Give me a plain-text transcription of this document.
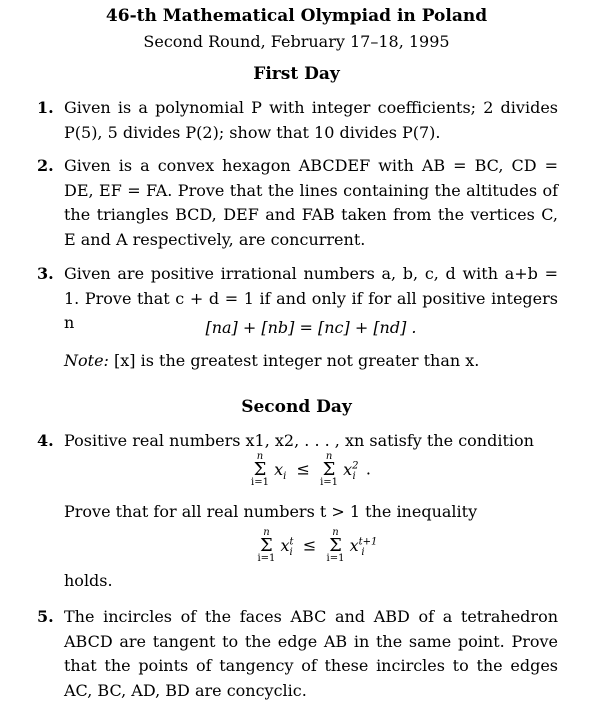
46-th Mathematical Olympiad in Poland
Second Round, February 17–18, 1995
First Day
1. Given is a polynomial P with integer coefficients; 2 divides P(5), 5 divides P(2); show that 10 divides P(7).

2. Given is a convex hexagon ABCDEF with AB = BC, CD = DE, EF = FA. Prove that the lines containing the altitudes of the triangles BCD, DEF and FAB taken from the vertices C, E and A respectively, are concurrent.

3. Given are positive irrational numbers a, b, c, d with a+b = 1. Prove that c + d = 1 if and only if for all positive integers n	[na] + [nb] = [nc] + [nd] .
Note: [x] is the greatest integer not greater than x.
Second Day
4. Positive real numbers x1, x2, . . . , xn satisfy the condition

n
Σ
i=1
$x_i$  ≤
n
Σ
i=1
$x^2_i$  .
Prove that for all real numbers t > 1 the inequality
n
Σ
i=1
$x^t_i$  ≤
n
Σ
i=1
$x^{t+1}_i$
holds.
5. The incircles of the faces ABC and ABD of a tetrahedron ABCD are tangent to the edge AB in the same point. Prove that the points of tangency of these incircles to the edges AC, BC, AD, BD are concyclic.
